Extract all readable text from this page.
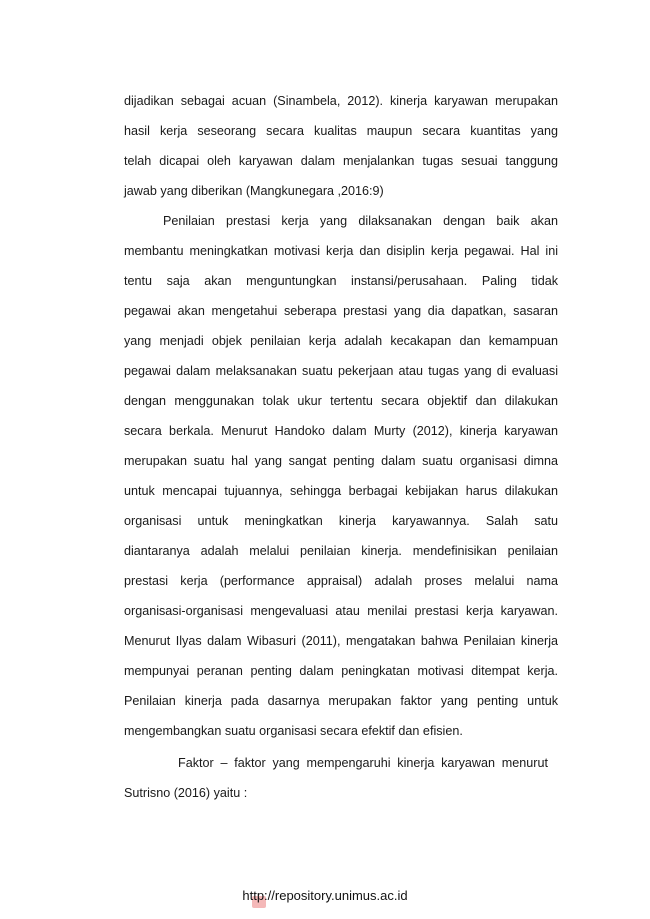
dijadikan sebagai acuan (Sinambela, 2012). kinerja karyawan merupakan
hasil kerja seseorang secara kualitas maupun secara kuantitas yang
telah dicapai oleh karyawan dalam menjalankan tugas sesuai tanggung
jawab yang diberikan (Mangkunegara ,2016:9)
Penilaian prestasi kerja yang dilaksanakan dengan baik akan
membantu meningkatkan motivasi kerja dan disiplin kerja pegawai. Hal ini
tentu saja akan menguntungkan instansi/perusahaan. Paling tidak
pegawai akan mengetahui seberapa prestasi yang dia dapatkan, sasaran
yang menjadi objek penilaian kerja adalah kecakapan dan kemampuan
pegawai dalam melaksanakan suatu pekerjaan atau tugas yang di evaluasi
dengan menggunakan tolak ukur tertentu secara objektif dan dilakukan
secara berkala. Menurut Handoko dalam Murty (2012), kinerja karyawan
merupakan suatu hal yang sangat penting dalam suatu organisasi dimna
untuk mencapai tujuannya, sehingga berbagai kebijakan harus dilakukan
organisasi untuk meningkatkan kinerja karyawannya. Salah satu
diantaranya adalah melalui penilaian kinerja. mendefinisikan penilaian
prestasi kerja (performance appraisal) adalah proses melalui nama
organisasi-organisasi mengevaluasi atau menilai prestasi kerja karyawan.
Menurut Ilyas dalam Wibasuri (2011), mengatakan bahwa Penilaian kinerja
mempunyai peranan penting dalam peningkatan motivasi ditempat kerja.
Penilaian kinerja pada dasarnya merupakan faktor yang penting untuk
mengembangkan suatu organisasi secara efektif dan efisien.
Faktor – faktor yang mempengaruhi kinerja karyawan menurut
Sutrisno (2016) yaitu :
http://repository.unimus.ac.id
